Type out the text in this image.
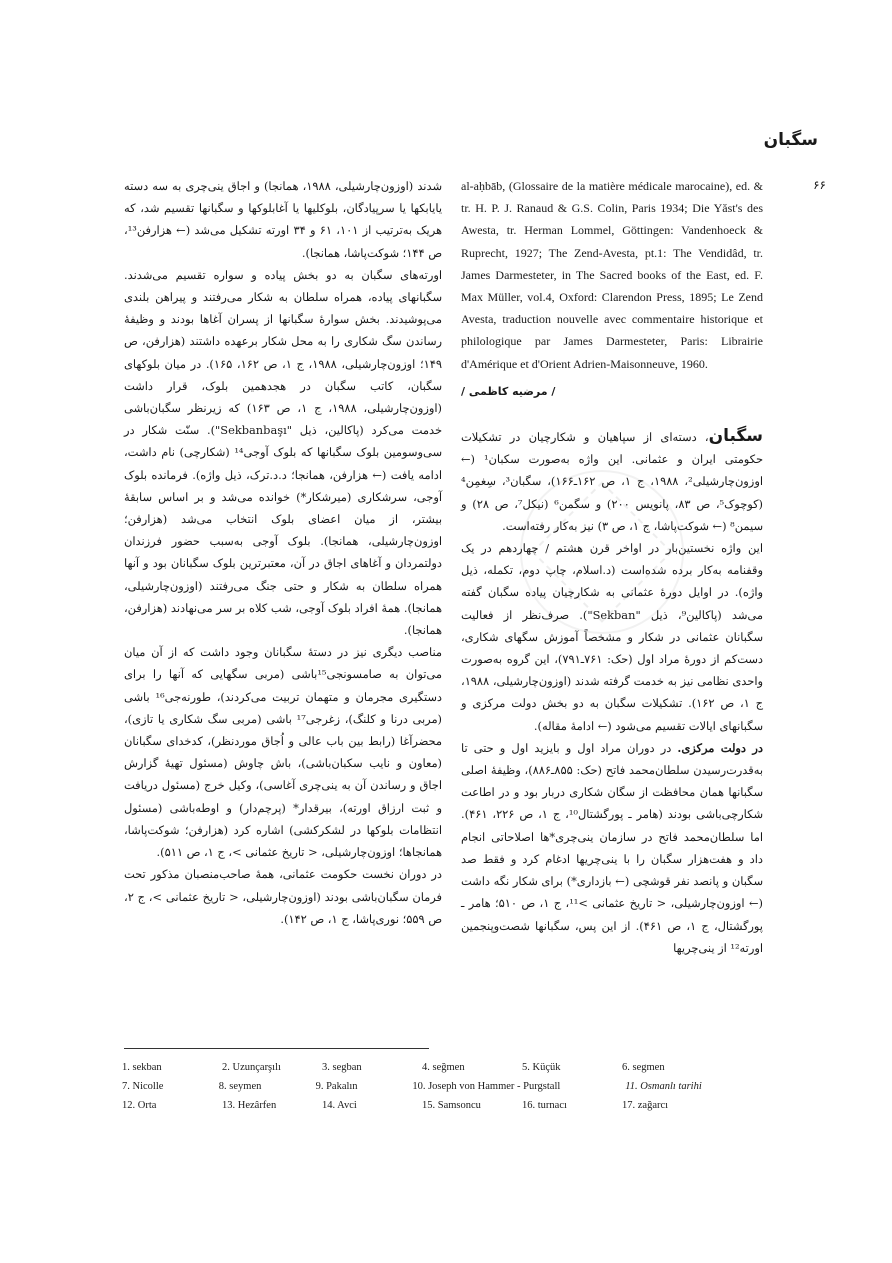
سگبان
۶۶

al-aḥbāb, (Glossaire de la matière médicale marocaine), ed. & tr. H. P. J. Ranaud & G.S. Colin, Paris 1934; Die Yăst's des Awesta, tr. Herman Lommel, Göttingen: Vandenhoeck & Ruprecht, 1927; The Zend-Avesta, pt.1: The Vendidâd, tr. James Darmesteter, in The Sacred books of the East, ed. F. Max Müller, vol.4, Oxford: Clarendon Press, 1895; Le Zend Avesta, traduction nouvelle avec commentaire historique et philologique par James Darmesteter, Paris: Librairie d'Amérique et d'Orient Adrien-Maisonneuve, 1960.

/ مرضیه کاظمی /

سگبان، دسته‌ای از سپاهیان و شکارچیان در تشکیلات حکومتی ایران و عثمانی. این واژه به‌صورت سکبان¹ (← اوزون‌چارشیلی²، ۱۹۸۸، ج ۱، ص ۱۶۲ـ۱۶۶)، سگبان³، سِغمِن⁴ (کوچوک⁵، ص ۸۳، پانویس ۲۰۰) و سگمن⁶ (نیکل⁷، ص ۲۸) و سیمن⁸ (← شوکت‌پاشا، ج ۱، ص ۳) نیز به‌کار رفته‌است.

این واژه نخستین‌بار در اواخر قرن هشتم / چهاردهم در یک وقفنامه به‌کار برده شده‌است (د.اسلام، چاپ دوم، تکمله، ذیل واژه). در اوایل دورهٔ عثمانی به شکارچیان پیاده سگبان گفته می‌شد (پاکالین⁹، ذیل "Sekban"). صرف‌نظر از فعالیت سگبانان عثمانی در شکار و مشخصاً آموزش سگهای شکاری، دست‌کم از دورهٔ مراد اول (حک: ۷۶۱ـ۷۹۱)، این گروه به‌صورت واحدی نظامی نیز به خدمت گرفته شدند (اوزون‌چارشیلی، ۱۹۸۸، ج ۱، ص ۱۶۲). تشکیلات سگبان به دو بخش دولت مرکزی و سگبانهای ایالات تقسیم می‌شود (← ادامهٔ مقاله).

در دولت مرکزی. در دوران مراد اول و بایزید اول و حتی تا به‌قدرت‌رسیدن سلطان‌محمد فاتح (حک: ۸۵۵ـ۸۸۶)، وظیفهٔ اصلی سگبانها همان محافظت از سگان شکاری دربار بود و در اطاعت شکارچی‌باشی بودند (هامر ـ پورگشتال¹⁰، ج ۱، ص ۲۲۶، ۴۶۱). اما سلطان‌محمد فاتح در سازمان ینی‌چری*ها اصلاحاتی انجام داد و هفت‌هزار سگبان را با ینی‌چریها ادغام کرد و فقط صد سگبان و پانصد نفر قوشچی (← بازداری*) برای شکار نگه داشت (← اوزون‌چارشیلی، < تاریخ عثمانی >¹¹، ج ۱، ص ۵۱۰؛ هامر ـ پورگشتال، ج ۱، ص ۴۶۱). از این پس، سگبانها شصت‌وپنجمین اورته¹² از ینی‌چریها

شدند (اوزون‌چارشیلی، ۱۹۸۸، همانجا) و اجاق ینی‌چری به سه دسته یایابکها یا سرپیادگان، بلوکلیها یا آغابلوکها و سگبانها تقسیم شد، که هریک به‌ترتیب از ۱۰۱، ۶۱ و ۳۴ اورته تشکیل می‌شد (← هزارفن¹³، ص ۱۴۴؛ شوکت‌پاشا، همانجا).

اورته‌های سگبان به دو بخش پیاده و سواره تقسیم می‌شدند. سگبانهای پیاده، همراه سلطان به شکار می‌رفتند و پیراهن بلندی می‌پوشیدند. بخش سوارهٔ سگبانها از پسران آغاها بودند و وظیفهٔ رساندن سگ شکاری را به محل شکار برعهده داشتند (هزارفن، ص ۱۴۹؛ اوزون‌چارشیلی، ۱۹۸۸، ج ۱، ص ۱۶۲، ۱۶۵). در میان بلوکهای سگبان، کاتب سگبان در هجدهمین بلوک، قرار داشت (اوزون‌چارشیلی، ۱۹۸۸، ج ۱، ص ۱۶۳) که زیرنظر سگبان‌باشی خدمت می‌کرد (پاکالین، ذیل "Sekbanbaşı"). سنّت شکار در سی‌وسومین بلوک سگبانها که بلوک آوجی¹⁴ (شکارچی) نام داشت، ادامه یافت (← هزارفن، همانجا؛ د.د.ترک، ذیل واژه). فرمانده بلوک آوجی، سرشکاری (میرشکار*) خوانده می‌شد و بر اساس سابقهٔ بیشتر، از میان اعضای بلوک انتخاب می‌شد (هزارفن؛ اوزون‌چارشیلی، همانجا). بلوک آوجی به‌سبب حضور فرزندان دولتمردان و آغاهای اجاق در آن، معتبرترین بلوک سگبانان بود و آنها همراه سلطان به شکار و حتی جنگ می‌رفتند (اوزون‌چارشیلی، همانجا). همهٔ افراد بلوک آوجی، شب کلاه بر سر می‌نهادند (هزارفن، همانجا).

مناصب دیگری نیز در دستهٔ سگبانان وجود داشت که از آن میان می‌توان به صامسونجی¹⁵باشی (مربی سگهایی که آنها را برای دستگیری مجرمان و متهمان تربیت می‌کردند)، طورنه‌جی¹⁶ باشی (مربی درنا و کلنگ)، زغرجی¹⁷ باشی (مربی سگ شکاری یا تازی)، محضرآغا (رابط بین باب عالی و اُجاق موردنظر)، کدخدای سگبانان (معاون و نایب سکبان‌باشی)، باش چاوش (مسئول تهیهٔ گزارش اجاق و رساندن آن به ینی‌چری آغاسی)، وکیل خرج (مسئول دریافت و ثبت ارزاق اورته)، بیرقدار* (پرچم‌دار) و اوطه‌باشی (مسئول انتظامات بلوکها در لشکرکشی) اشاره کرد (هزارفن؛ شوکت‌پاشا، همانجاها؛ اوزون‌چارشیلی، < تاریخ عثمانی >، ج ۱، ص ۵۱۱).

در دوران نخست حکومت عثمانی، همهٔ صاحب‌منصبان مذکور تحت فرمان سگبان‌باشی بودند (اوزون‌چارشیلی، < تاریخ عثمانی >، ج ۲، ص ۵۵۹؛ نوری‌پاشا، ج ۱، ص ۱۴۲).

1. sekban	2. Uzunçarşılı	3. segban	4. seğmen	5. Küçük	6. segmen
7. Nicolle	8. seymen	9. Pakalın	10. Joseph von Hammer - Purgstall	11. Osmanlı tarihi
12. Orta	13. Hezârfen	14. Avci	15. Samsoncu	16. turnacı	17. zağarcı
